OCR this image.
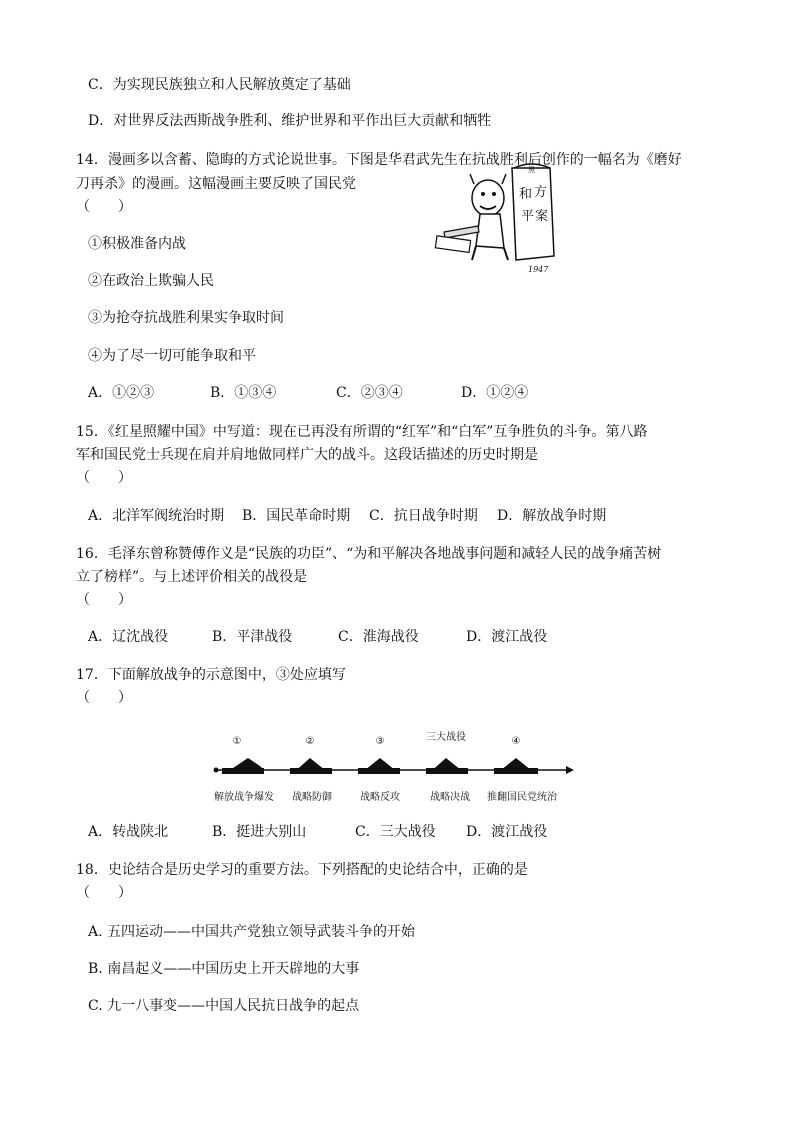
C．为实现民族独立和人民解放奠定了基础
D．对世界反法西斯战争胜利、维护世界和平作出巨大贡献和牺牲
14．漫画多以含蓄、隐晦的方式论说世事。下图是华君武先生在抗战胜利后创作的一幅名为《磨好
刀再杀》的漫画。这幅漫画主要反映了国民党
（　　）
黑
和 方
平 案
1947
①积极准备内战
②在政治上欺骗人民
③为抢夺抗战胜利果实争取时间
④为了尽一切可能争取和平
A．①②③	B．①③④	C．②③④	D．①②④
15．《红星照耀中国》中写道：现在已再没有所谓的“红军”和“白军”互争胜负的斗争。第八路
军和国民党士兵现在肩并肩地做同样广大的战斗。这段话描述的历史时期是
（　　）
A．北洋军阀统治时期 B．国民革命时期 C．抗日战争时期 D．解放战争时期
16．毛泽东曾称赞傅作义是“民族的功臣”、“为和平解决各地战事问题和减轻人民的战争痛苦树
立了榜样”。与上述评价相关的战役是
（　　）
A．辽沈战役	B．平津战役	C．淮海战役	D．渡江战役
17．下面解放战争的示意图中，③处应填写
（　　）
①	②	③	三大战役	④
解放战争爆发 战略防御	战略反攻	战略决战 推翻国民党统治
A．转战陕北	B．挺进大别山	C．三大战役 D．渡江战役
18．史论结合是历史学习的重要方法。下列搭配的史论结合中，正确的是
（　　）
A. 五四运动——中国共产党独立领导武装斗争的开始
B. 南昌起义——中国历史上开天辟地的大事
C. 九一八事变——中国人民抗日战争的起点
